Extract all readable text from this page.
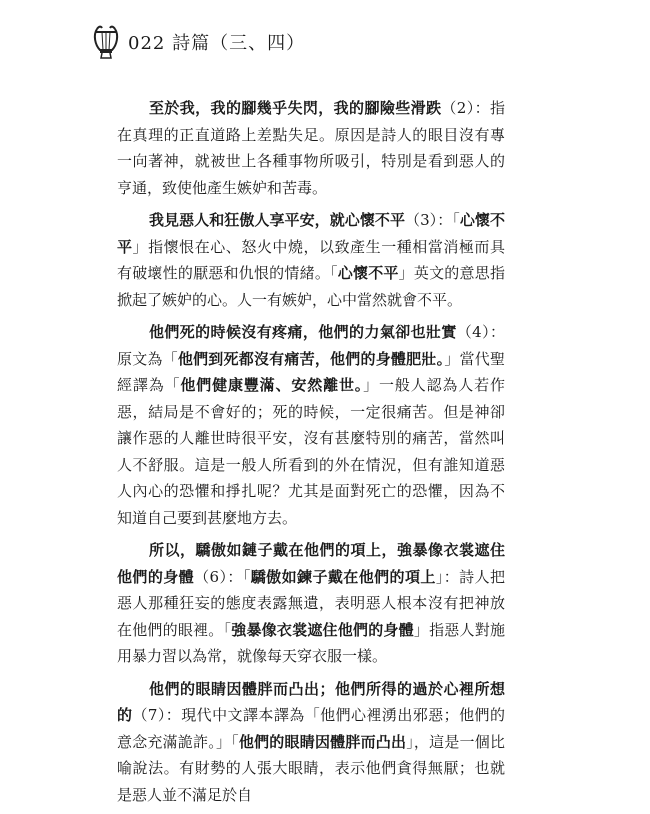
022 詩篇（三、四）

至於我，我的腳幾乎失閃，我的腳險些滑跌（2）：指在真理的正直道路上差點失足。原因是詩人的眼目沒有專一向著神，就被世上各種事物所吸引，特別是看到惡人的亨通，致使他產生嫉妒和苦毒。

我見惡人和狂傲人享平安，就心懷不平（3）：「心懷不平」指懷恨在心、怒火中燒，以致產生一種相當消極而具有破壞性的厭惡和仇恨的情緒。「心懷不平」英文的意思指掀起了嫉妒的心。人一有嫉妒，心中當然就會不平。

他們死的時候沒有疼痛，他們的力氣卻也壯實（4）：原文為「他們到死都沒有痛苦，他們的身體肥壯。」當代聖經譯為「他們健康豐滿、安然離世。」一般人認為人若作惡，結局是不會好的；死的時候，一定很痛苦。但是神卻讓作惡的人離世時很平安，沒有甚麼特別的痛苦，當然叫人不舒服。這是一般人所看到的外在情況，但有誰知道惡人內心的恐懼和掙扎呢？尤其是面對死亡的恐懼，因為不知道自己要到甚麼地方去。

所以，驕傲如鏈子戴在他們的項上，強暴像衣裳遮住他們的身體（6）：「驕傲如鍊子戴在他們的項上」：詩人把惡人那種狂妄的態度表露無遺，表明惡人根本沒有把神放在他們的眼裡。「強暴像衣裳遮住他們的身體」指惡人對施用暴力習以為常，就像每天穿衣服一樣。

他們的眼睛因體胖而凸出；他們所得的過於心裡所想的（7）：現代中文譯本譯為「他們心裡湧出邪惡；他們的意念充滿詭詐。」「他們的眼睛因體胖而凸出」，這是一個比喻說法。有財勢的人張大眼睛，表示他們貪得無厭；也就是惡人並不滿足於自
